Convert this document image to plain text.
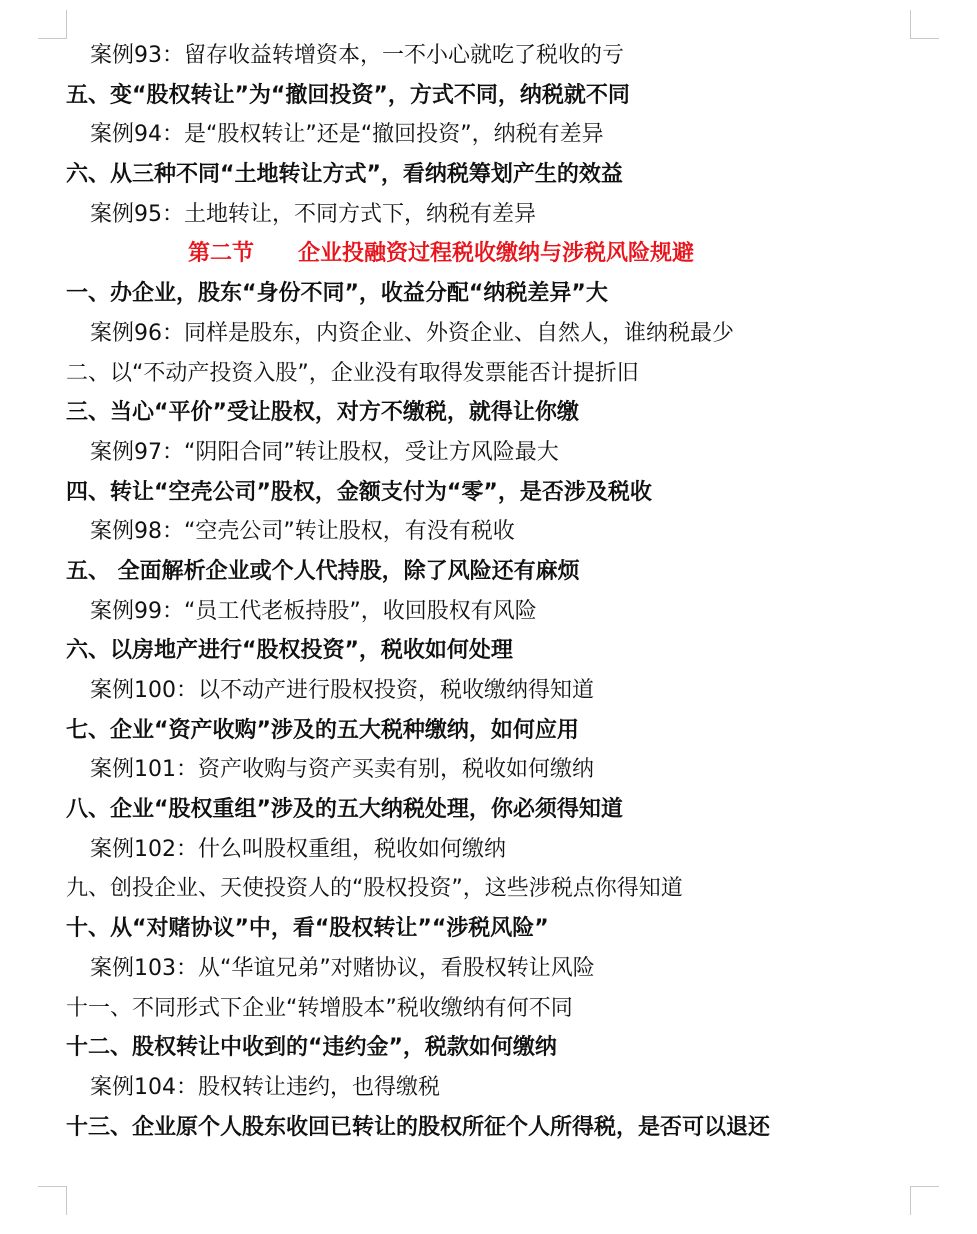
案例93：留存收益转增资本，一不小心就吃了税收的亏
五、变“股权转让”为“撤回投资”，方式不同，纳税就不同
案例94：是“股权转让”还是“撤回投资”，纳税有差异
六、从三种不同“土地转让方式”，看纳税筹划产生的效益
案例95：土地转让，不同方式下，纳税有差异
第二节　　企业投融资过程税收缴纳与涉税风险规避
一、办企业，股东“身份不同”，收益分配“纳税差异”大
案例96：同样是股东，内资企业、外资企业、自然人，谁纳税最少
二、以“不动产投资入股”，企业没有取得发票能否计提折旧
三、当心“平价”受让股权，对方不缴税，就得让你缴
案例97：“阴阳合同”转让股权，受让方风险最大
四、转让“空壳公司”股权，金额支付为“零”，是否涉及税收
案例98：“空壳公司”转让股权，有没有税收
五、 全面解析企业或个人代持股，除了风险还有麻烦
案例99：“员工代老板持股”，收回股权有风险
六、以房地产进行“股权投资”，税收如何处理
案例100：以不动产进行股权投资，税收缴纳得知道
七、企业“资产收购”涉及的五大税种缴纳，如何应用
案例101：资产收购与资产买卖有别，税收如何缴纳
八、企业“股权重组”涉及的五大纳税处理，你必须得知道
案例102：什么叫股权重组，税收如何缴纳
九、创投企业、天使投资人的“股权投资”，这些涉税点你得知道
十、从“对赌协议”中，看“股权转让”“涉税风险”
案例103：从“华谊兄弟”对赌协议，看股权转让风险
十一、不同形式下企业“转增股本”税收缴纳有何不同
十二、股权转让中收到的“违约金”，税款如何缴纳
案例104：股权转让违约，也得缴税
十三、企业原个人股东收回已转让的股权所征个人所得税，是否可以退还
